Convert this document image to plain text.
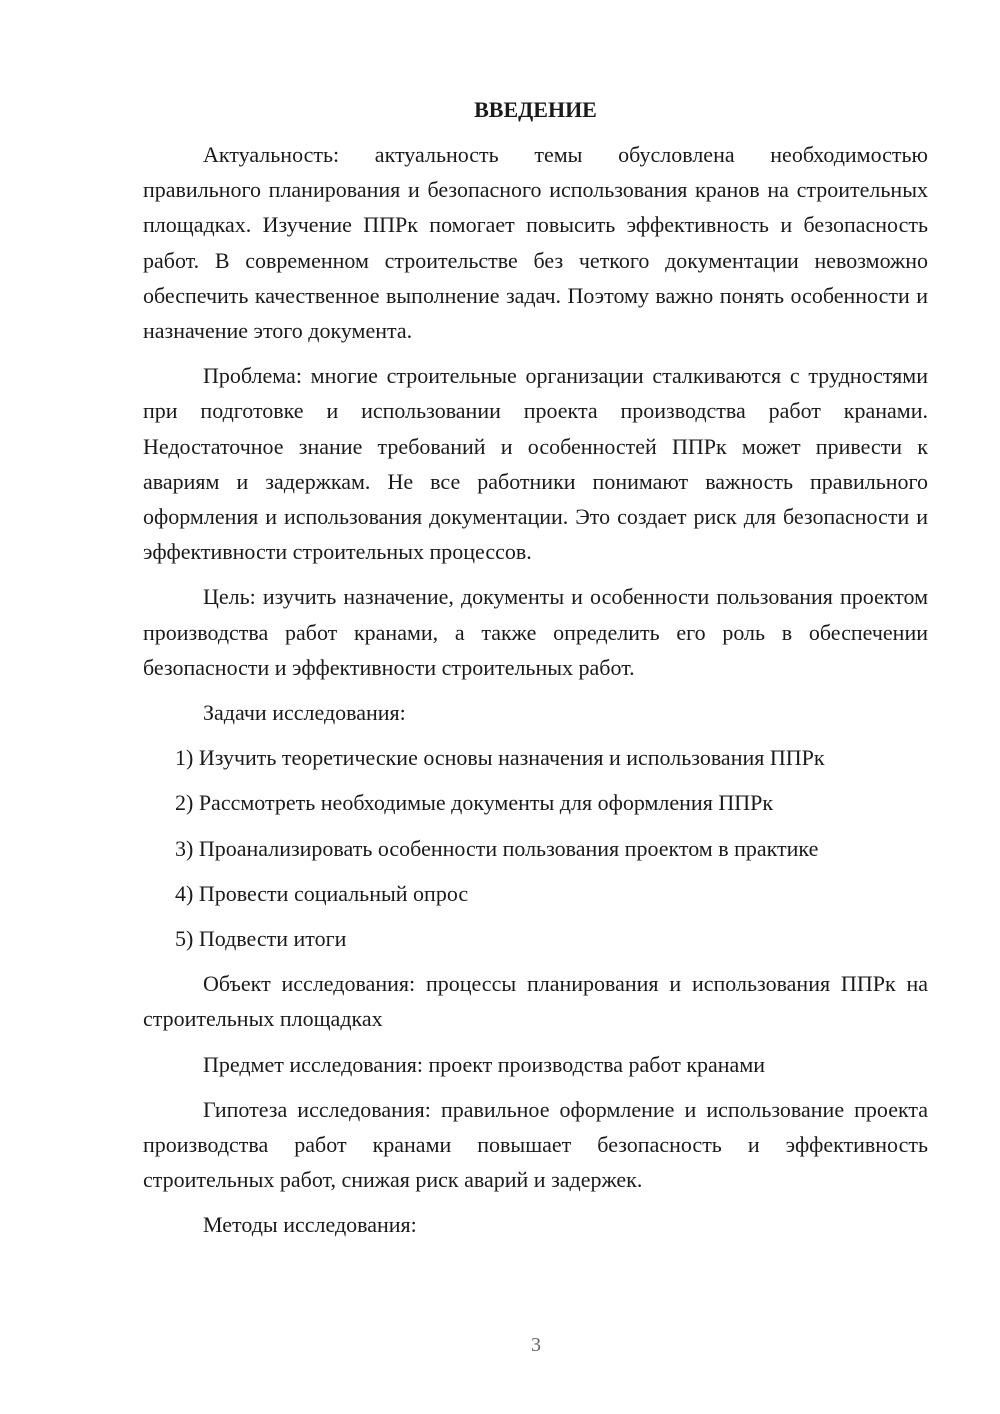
ВВЕДЕНИЕ

Актуальность: актуальность темы обусловлена необходимостью правильного планирования и безопасного использования кранов на строительных площадках. Изучение ППРк помогает повысить эффективность и безопасность работ. В современном строительстве без четкого документации невозможно обеспечить качественное выполнение задач. Поэтому важно понять особенности и назначение этого документа.

Проблема: многие строительные организации сталкиваются с трудностями при подготовке и использовании проекта производства работ кранами. Недостаточное знание требований и особенностей ППРк может привести к авариям и задержкам. Не все работники понимают важность правильного оформления и использования документации. Это создает риск для безопасности и эффективности строительных процессов.

Цель: изучить назначение, документы и особенности пользования проектом производства работ кранами, а также определить его роль в обеспечении безопасности и эффективности строительных работ.

Задачи исследования:

1) Изучить теоретические основы назначения и использования ППРк
2) Рассмотреть необходимые документы для оформления ППРк
3) Проанализировать особенности пользования проектом в практике
4) Провести социальный опрос
5) Подвести итоги

Объект исследования: процессы планирования и использования ППРк на строительных площадках

Предмет исследования: проект производства работ кранами

Гипотеза исследования: правильное оформление и использование проекта производства работ кранами повышает безопасность и эффективность строительных работ, снижая риск аварий и задержек.

Методы исследования:

3
